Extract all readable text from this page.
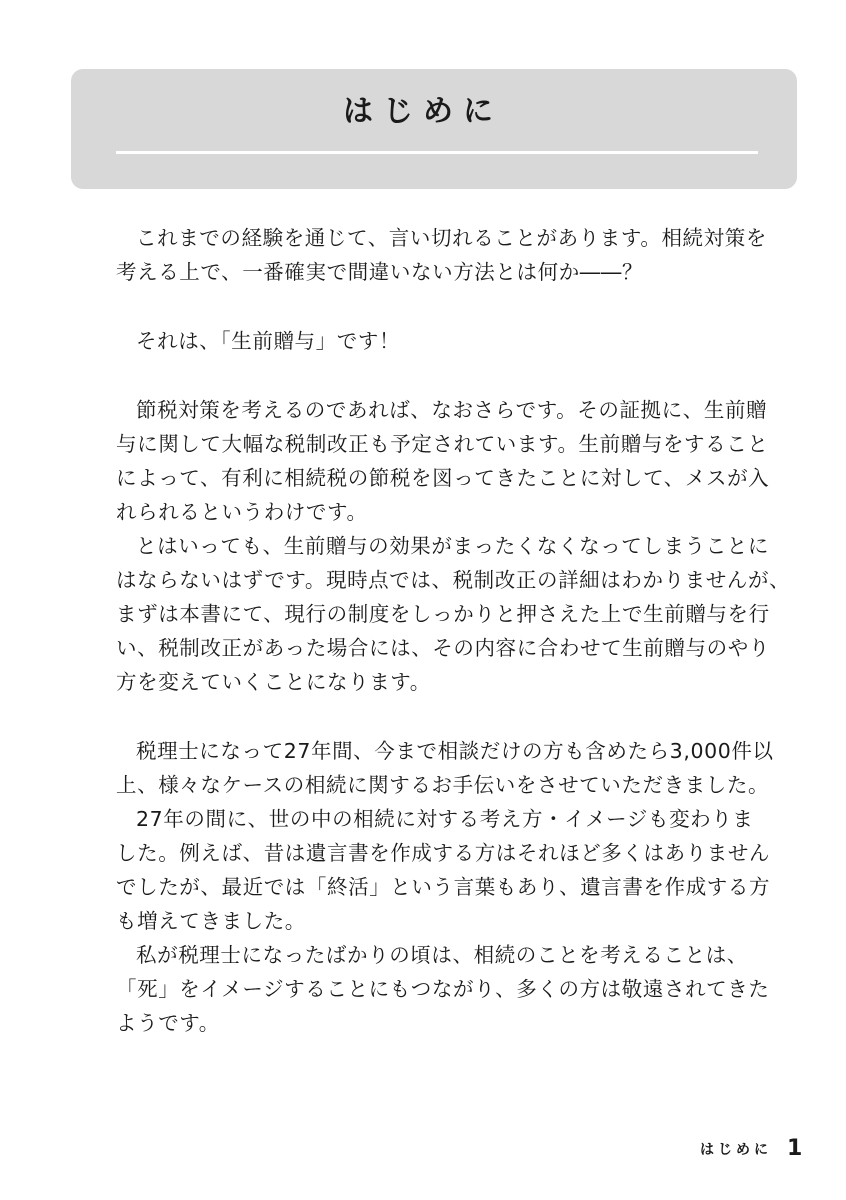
はじめに
これまでの経験を通じて、言い切れることがあります。相続対策を
考える上で、一番確実で間違いない方法とは何か――？
それは、「生前贈与」です！
節税対策を考えるのであれば、なおさらです。その証拠に、生前贈
与に関して大幅な税制改正も予定されています。生前贈与をすること
によって、有利に相続税の節税を図ってきたことに対して、メスが入
れられるというわけです。
とはいっても、生前贈与の効果がまったくなくなってしまうことに
はならないはずです。現時点では、税制改正の詳細はわかりませんが、
まずは本書にて、現行の制度をしっかりと押さえた上で生前贈与を行
い、税制改正があった場合には、その内容に合わせて生前贈与のやり
方を変えていくことになります。
税理士になって27年間、今まで相談だけの方も含めたら3,000件以
上、様々なケースの相続に関するお手伝いをさせていただきました。
27年の間に、世の中の相続に対する考え方・イメージも変わりま
した。例えば、昔は遺言書を作成する方はそれほど多くはありません
でしたが、最近では「終活」という言葉もあり、遺言書を作成する方
も増えてきました。
私が税理士になったばかりの頃は、相続のことを考えることは、
「死」をイメージすることにもつながり、多くの方は敬遠されてきた
ようです。
はじめに 1
